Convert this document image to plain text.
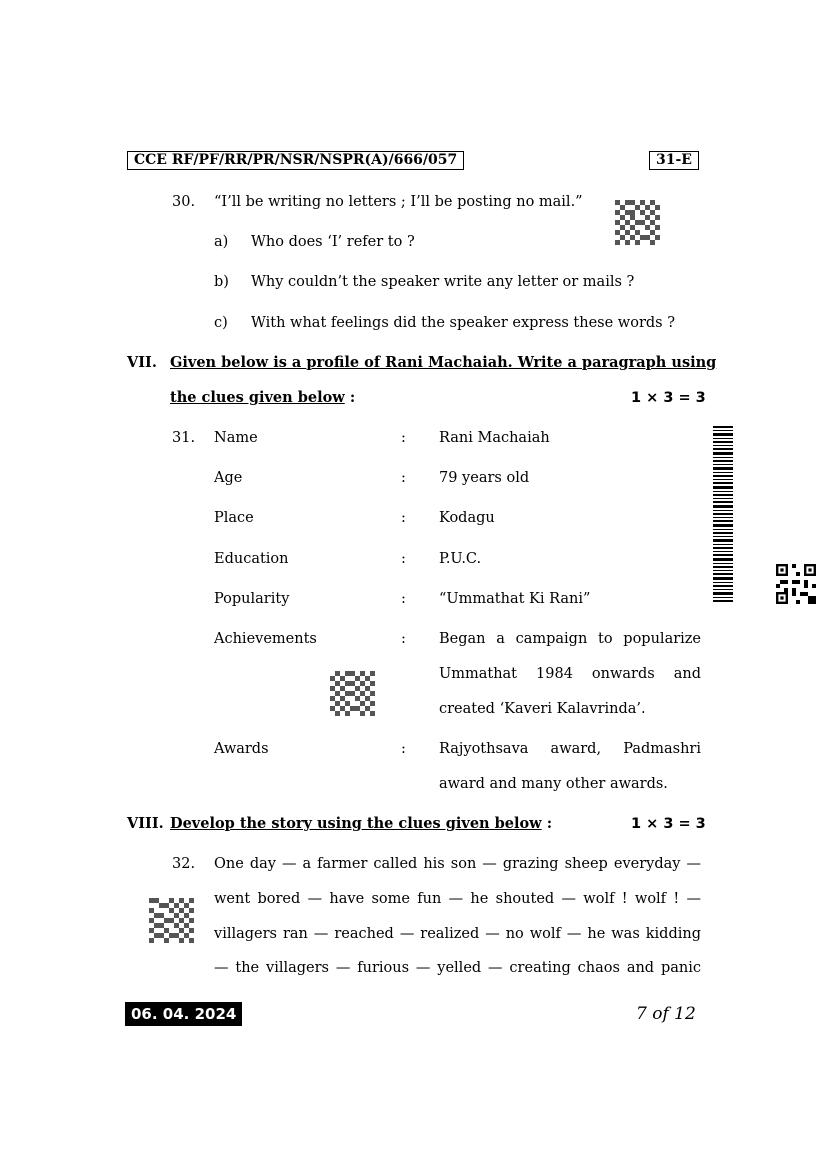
CCE RF/PF/RR/PR/NSR/NSPR(A)/666/057	31-E
30. “I’ll be writing no letters ; I’ll be posting no mail.”
a) Who does ‘I’ refer to ?
b) Why couldn’t the speaker write any letter or mails ?
c) With what feelings did the speaker express these words ?
VII. Given below is a profile of Rani Machaiah. Write a paragraph using
the clues given below :	1 × 3 = 3
31. Name	: Rani Machaiah
Age	: 79 years old
Place	: Kodagu
Education	: P.U.C.
Popularity	: “Ummathat Ki Rani”
Achievements	: Began a campaign to popularize
Ummathat 1984 onwards and
created ‘Kaveri Kalavrinda’.
Awards	: Rajyothsava award, Padmashri
award and many other awards.
VIII. Develop the story using the clues given below :	1 × 3 = 3
32. One day — a farmer called his son — grazing sheep everyday —
went bored — have some fun — he shouted — wolf ! wolf ! —
villagers ran — reached — realized — no wolf — he was kidding
— the villagers — furious — yelled — creating chaos and panic
06. 04. 2024	7 of 12
